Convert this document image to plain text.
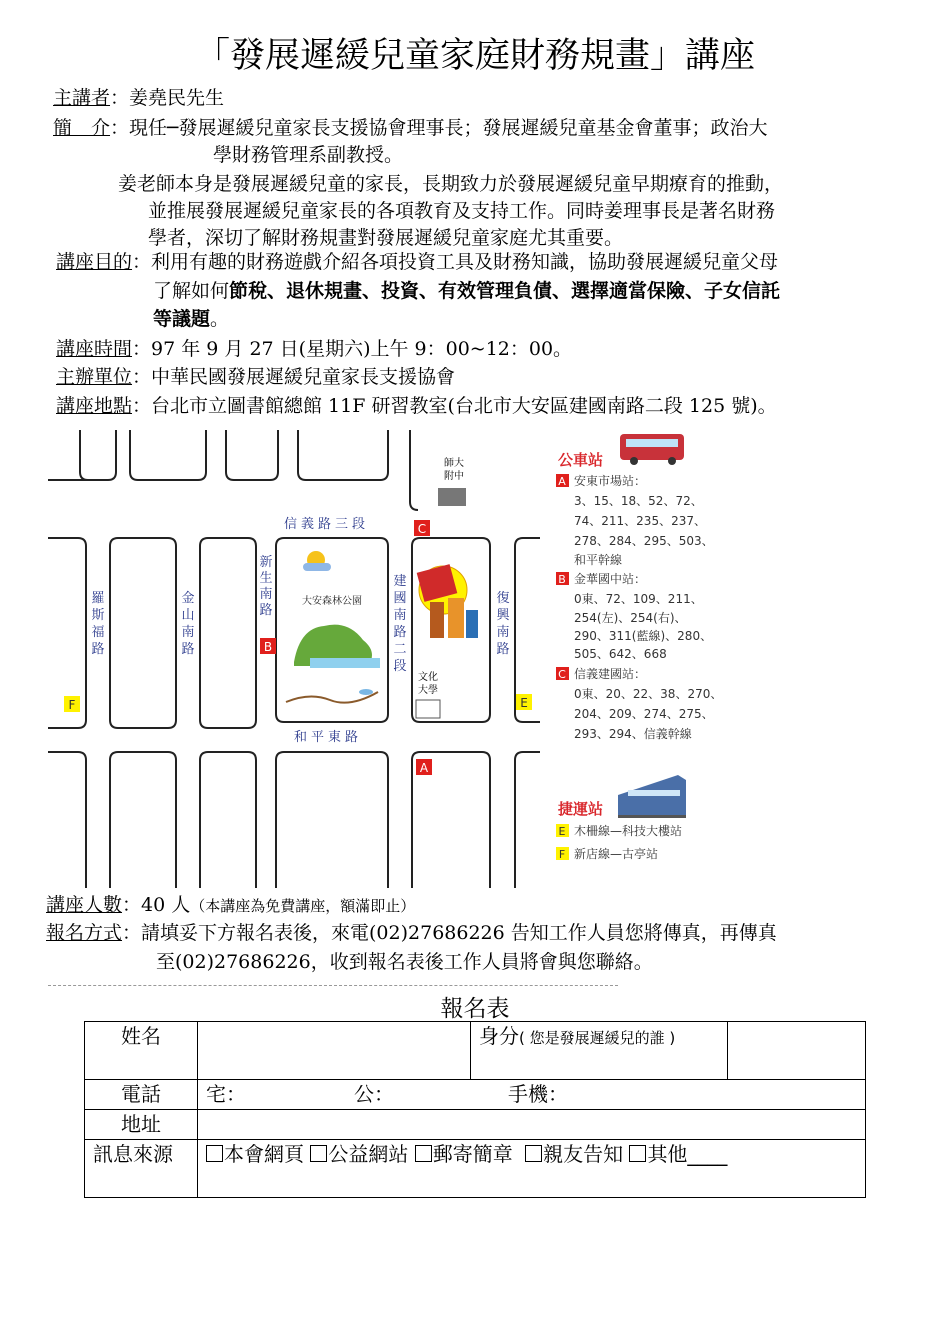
「發展遲緩兒童家庭財務規畫」講座
主講者：姜堯民先生
簡　介：現任─發展遲緩兒童家長支援協會理事長；發展遲緩兒童基金會董事；政治大
學財務管理系副教授。
姜老師本身是發展遲緩兒童的家長，長期致力於發展遲緩兒童早期療育的推動，
並推展發展遲緩兒童家長的各項教育及支持工作。同時姜理事長是著名財務
學者，深切了解財務規畫對發展遲緩兒童家庭尤其重要。
講座目的：利用有趣的財務遊戲介紹各項投資工具及財務知識，協助發展遲緩兒童父母
了解如何節稅、退休規畫、投資、有效管理負債、選擇適當保險、子女信託
等議題。
講座時間：97 年 9 月 27 日(星期六)上午 9：00~12：00。
主辦單位：中華民國發展遲緩兒童家長支援協會
講座地點：台北市立圖書館總館 11F 研習教室(台北市大安區建國南路二段 125 號)。
信義路三段
和平東路
新
生
南
路
建
國
南
路
二
段
羅
斯
福
路
金
山
南
路
復
興
南
路
大安森林公園
師大
附中
文化
大學
C
B
A
F	E
公車站
A 安東市場站：
3、15、18、52、72、
74、211、235、237、
278、284、295、503、
和平幹線
B 金華國中站：
0東、72、109、211、
254(左)、254(右)、
290、311(藍線)、280、
505、642、668
C 信義建國站：
0東、20、22、38、270、
204、209、274、275、
293、294、信義幹線
捷運站
E 木柵線—科技大樓站
F 新店線—古亭站
講座人數：40 人（本講座為免費講座，額滿即止）
報名方式：請填妥下方報名表後，來電(02)27686226 告知工作人員您將傳真，再傳真
至(02)27686226，收到報名表後工作人員將會與您聯絡。
報名表
姓名		身分( 您是發展遲緩兒的誰 )	
電話	宅： 公： 手機：		
地址			
訊息來源	本會網頁 公益網站 郵寄簡章 親友告知 其他____		
